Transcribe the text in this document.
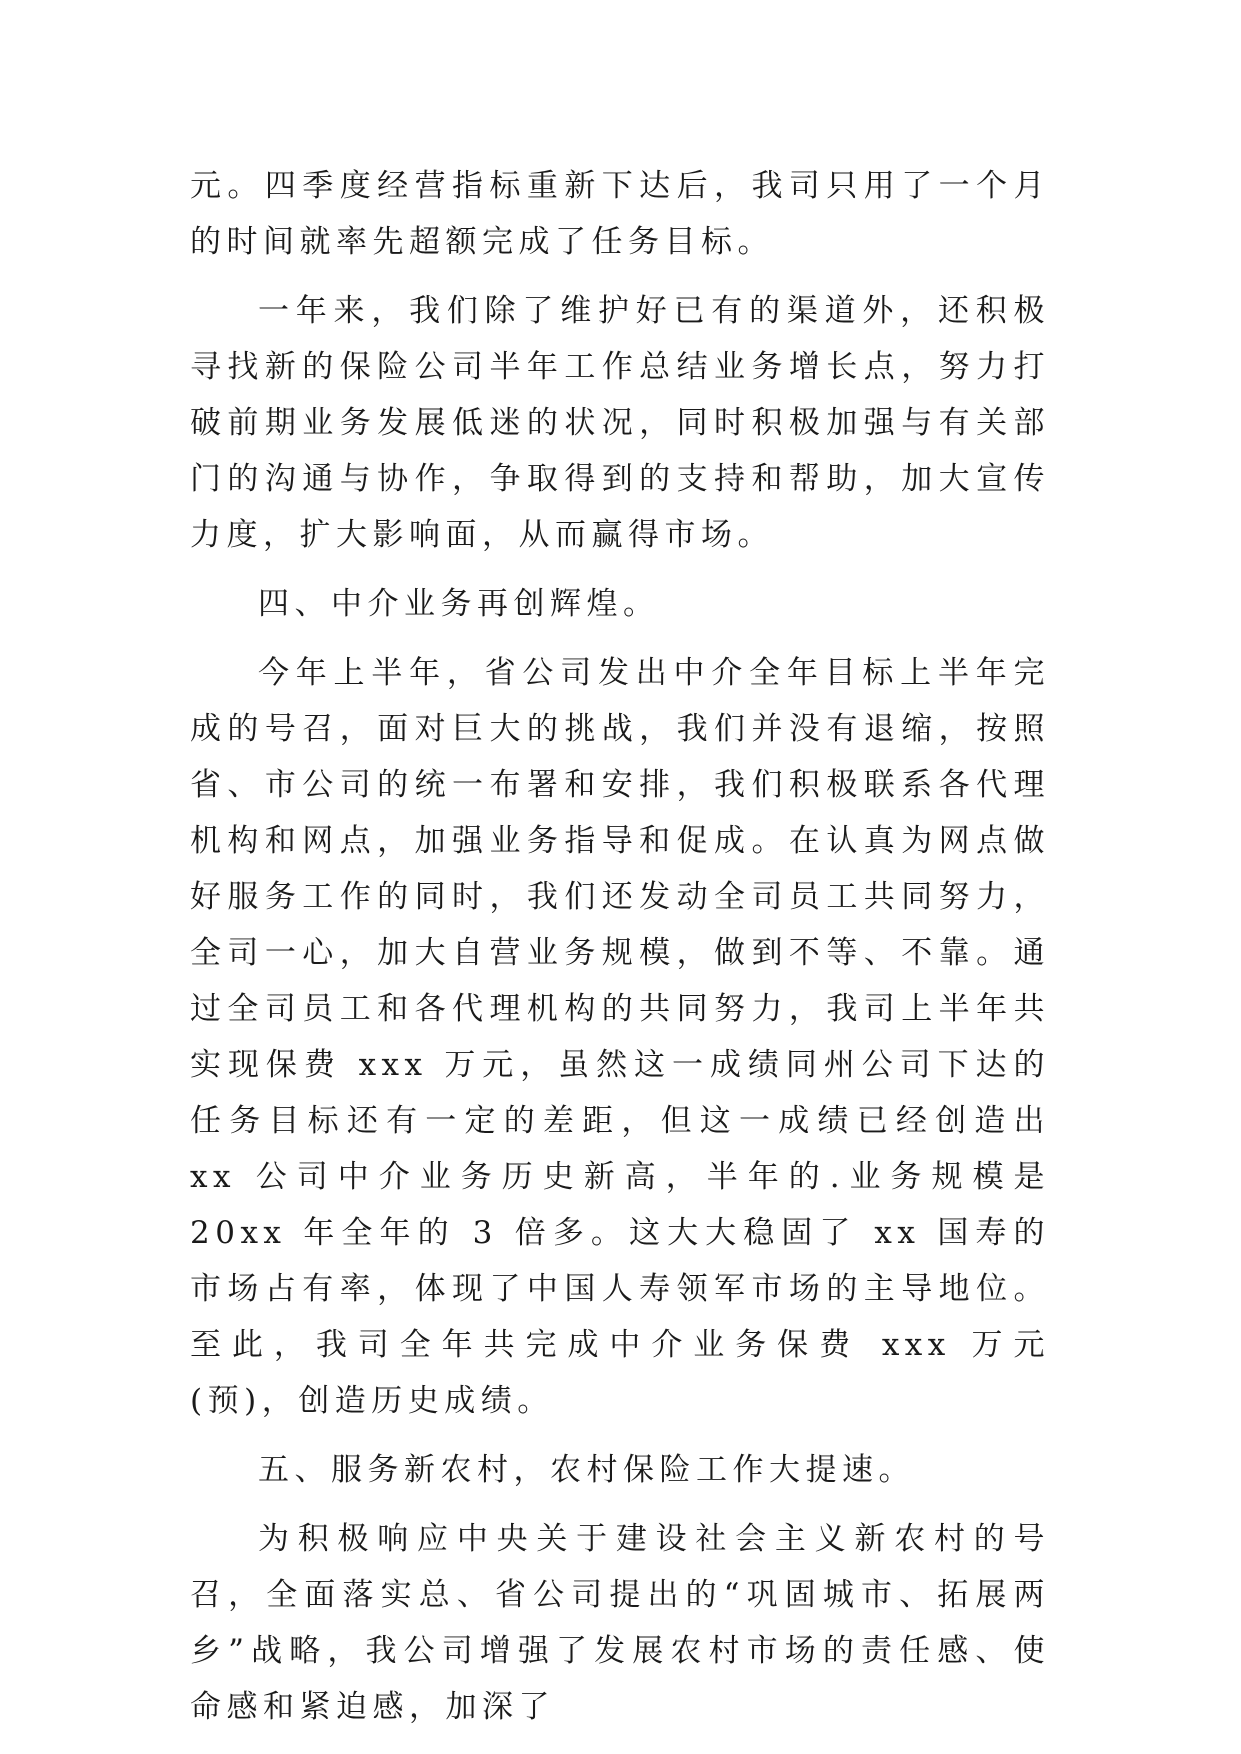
元。四季度经营指标重新下达后，我司只用了一个月的时间就率先超额完成了任务目标。

一年来，我们除了维护好已有的渠道外，还积极寻找新的保险公司半年工作总结业务增长点，努力打破前期业务发展低迷的状况，同时积极加强与有关部门的沟通与协作，争取得到的支持和帮助，加大宣传力度，扩大影响面，从而赢得市场。

四、中介业务再创辉煌。

今年上半年，省公司发出中介全年目标上半年完成的号召，面对巨大的挑战，我们并没有退缩，按照省、市公司的统一布署和安排，我们积极联系各代理机构和网点，加强业务指导和促成。在认真为网点做好服务工作的同时，我们还发动全司员工共同努力，全司一心，加大自营业务规模，做到不等、不靠。通过全司员工和各代理机构的共同努力，我司上半年共实现保费 xxx 万元，虽然这一成绩同州公司下达的任务目标还有一定的差距，但这一成绩已经创造出 xx 公司中介业务历史新高，半年的.业务规模是 20xx 年全年的 3 倍多。这大大稳固了 xx 国寿的市场占有率，体现了中国人寿领军市场的主导地位。至此，我司全年共完成中介业务保费 xxx 万元(预)，创造历史成绩。

五、服务新农村，农村保险工作大提速。

为积极响应中央关于建设社会主义新农村的号召，全面落实总、省公司提出的“巩固城市、拓展两乡”战略，我公司增强了发展农村市场的责任感、使命感和紧迫感，加深了
